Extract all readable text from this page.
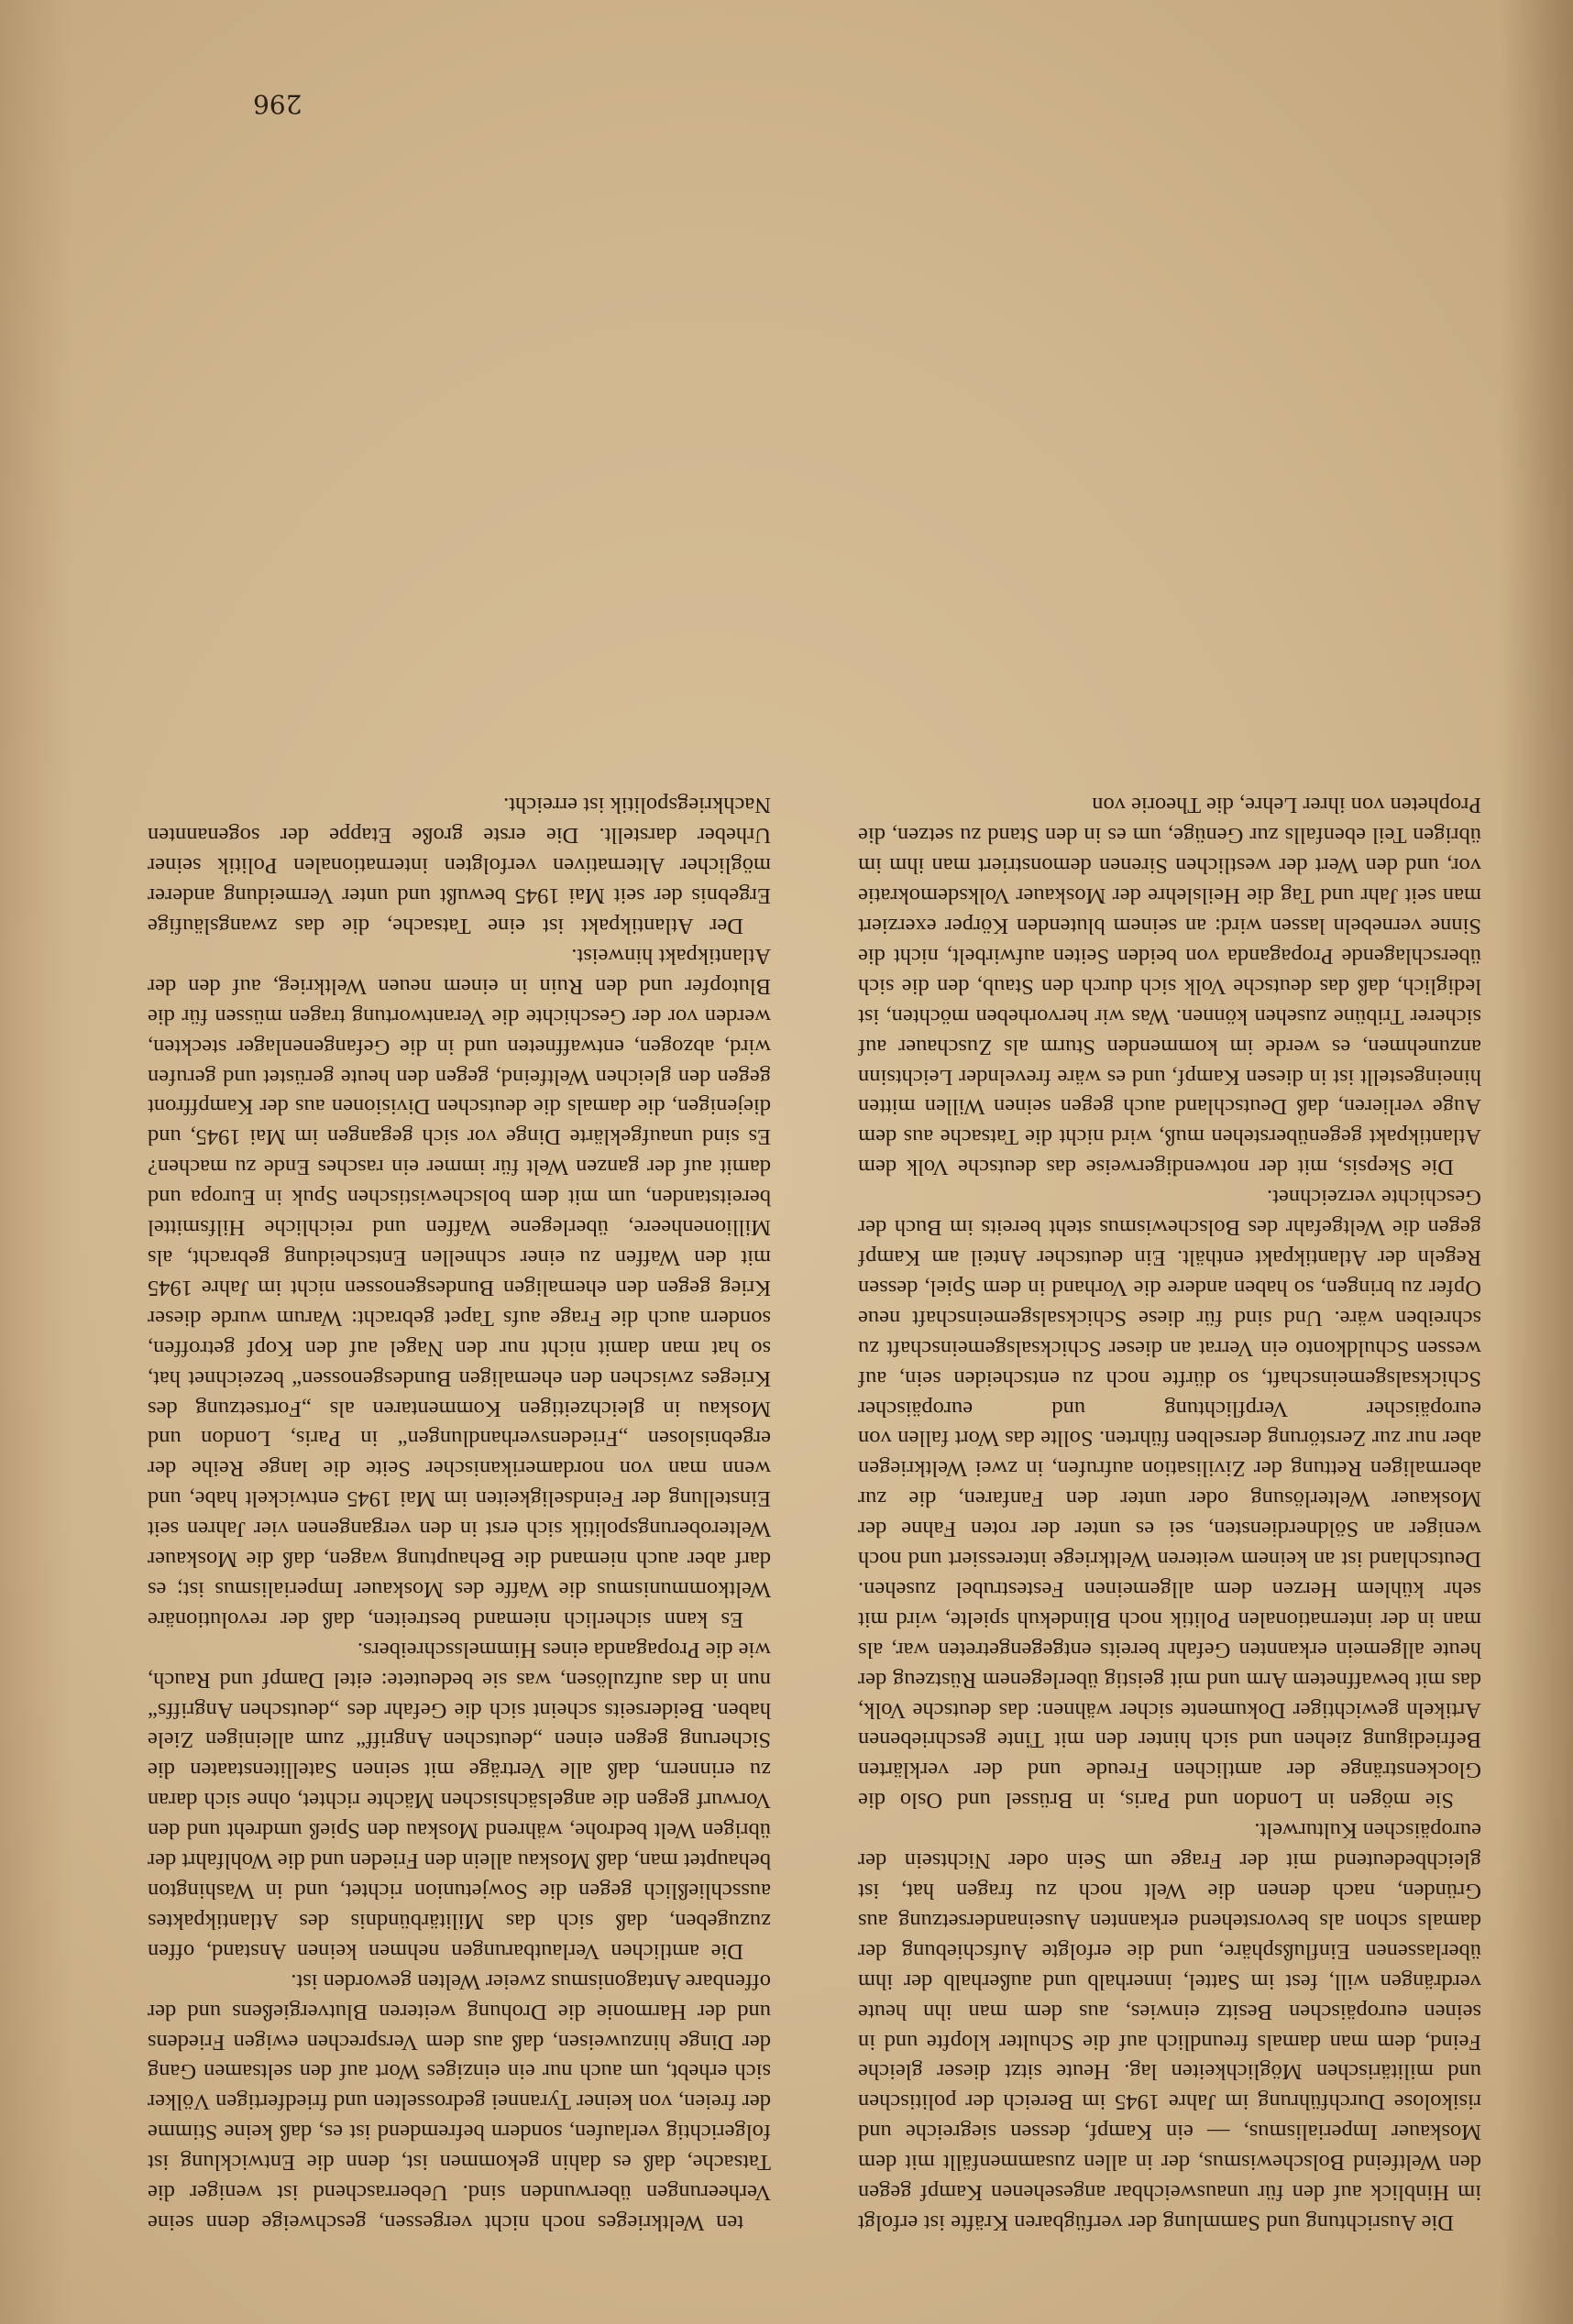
296

ten Weltkrieges noch nicht vergessen, geschweige denn seine Verheerungen überwunden sind. Ueberraschend ist weniger die Tatsache, daß es dahin gekommen ist, denn die Entwicklung ist folgerichtig verlaufen, sondern befremdend ist es, daß keine Stimme der freien, von keiner Tyrannei gedrosselten und friedfertigen Völker sich erhebt, um auch nur ein einziges Wort auf den seltsamen Gang der Dinge hinzuweisen, daß aus dem Versprechen ewigen Friedens und der Harmonie die Drohung weiteren Blutvergießens und der offenbare Antagonismus zweier Welten geworden ist.

Die amtlichen Verlautbarungen nehmen keinen Anstand, offen zuzugeben, daß sich das Militärbündnis des Atlantikpaktes ausschließlich gegen die Sowjetunion richtet, und in Washington behauptet man, daß Moskau allein den Frieden und die Wohlfahrt der übrigen Welt bedrohe, während Moskau den Spieß umdreht und den Vorwurf gegen die angelsächsischen Mächte richtet, ohne sich daran zu erinnern, daß alle Verträge mit seinen Satellitenstaaten die Sicherung gegen einen „deutschen Angriff“ zum alleinigen Ziele haben. Beiderseits scheint sich die Gefahr des „deutschen Angriffs“ nun in das aufzulösen, was sie bedeutete: eitel Dampf und Rauch, wie die Propaganda eines Himmelsschreibers.

Es kann sicherlich niemand bestreiten, daß der revolutionäre Weltkommunismus die Waffe des Moskauer Imperialismus ist; es darf aber auch niemand die Behauptung wagen, daß die Moskauer Welteroberungspolitik sich erst in den vergangenen vier Jahren seit Einstellung der Feindseligkeiten im Mai 1945 entwickelt habe, und wenn man von nordamerikanischer Seite die lange Reihe der ergebnislosen „Friedensverhandlungen“ in Paris, London und Moskau in gleichzeitigen Kommentaren als „Fortsetzung des Krieges zwischen den ehemaligen Bundesgenossen“ bezeichnet hat, so hat man damit nicht nur den Nagel auf den Kopf getroffen, sondern auch die Frage aufs Tapet gebracht: Warum wurde dieser Krieg gegen den ehemaligen Bundesgenossen nicht im Jahre 1945 mit den Waffen zu einer schnellen Entscheidung gebracht, als Millionenheere, überlegene Waffen und reichliche Hilfsmittel bereitstanden, um mit dem bolschewistischen Spuk in Europa und damit auf der ganzen Welt für immer ein rasches Ende zu machen? Es sind unaufgeklärte Dinge vor sich gegangen im Mai 1945, und diejenigen, die damals die deutschen Divisionen aus der Kampffront gegen den gleichen Weltfeind, gegen den heute gerüstet und gerufen wird, abzogen, entwaffneten und in die Gefangenenlager steckten, werden vor der Geschichte die Verantwortung tragen müssen für die Blutopfer und den Ruin in einem neuen Weltkrieg, auf den der Atlantikpakt hinweist.

Der Atlantikpakt ist eine Tatsache, die das zwangsläufige Ergebnis der seit Mai 1945 bewußt und unter Vermeidung anderer möglicher Alternativen verfolgten internationalen Politik seiner Urheber darstellt. Die erste große Etappe der sogenannten Nachkriegspolitik ist erreicht.

Die Ausrichtung und Sammlung der verfügbaren Kräfte ist erfolgt im Hinblick auf den für unausweichbar angesehenen Kampf gegen den Weltfeind Bolschewismus, der in allen zusammenfällt mit dem Moskauer Imperialismus, — ein Kampf, dessen siegreiche und risikolose Durchführung im Jahre 1945 im Bereich der politischen und militärischen Möglichkeiten lag. Heute sitzt dieser gleiche Feind, dem man damals freundlich auf die Schulter klopfte und in seinen europäischen Besitz einwies, aus dem man ihn heute verdrängen will, fest im Sattel, innerhalb und außerhalb der ihm überlassenen Einflußsphäre, und die erfolgte Aufschiebung der damals schon als bevorstehend erkannten Auseinandersetzung aus Gründen, nach denen die Welt noch zu fragen hat, ist gleichbedeutend mit der Frage um Sein oder Nichtsein der europäischen Kulturwelt.

Sie mögen in London und Paris, in Brüssel und Oslo die Glockenstränge der amtlichen Freude und der verklärten Befriedigung ziehen und sich hinter den mit Tinte geschriebenen Artikeln gewichtiger Dokumente sicher wähnen: das deutsche Volk, das mit bewaffnetem Arm und mit geistig überlegenem Rüstzeug der heute allgemein erkannten Gefahr bereits entgegengetreten war, als man in der internationalen Politik noch Blindekuh spielte, wird mit sehr kühlem Herzen dem allgemeinen Festestrubel zusehen. Deutschland ist an keinem weiteren Weltkriege interessiert und noch weniger an Söldnerdiensten, sei es unter der roten Fahne der Moskauer Welterlösung oder unter den Fanfaren, die zur abermaligen Rettung der Zivilisation aufrufen, in zwei Weltkriegen aber nur zur Zerstörung derselben führten. Sollte das Wort fallen von europäischer Verpflichtung und europäischer Schicksalsgemeinschaft, so dürfte noch zu entscheiden sein, auf wessen Schuldkonto ein Verrat an dieser Schicksalsgemeinschaft zu schreiben wäre. Und sind für diese Schicksalsgemeinschaft neue Opfer zu bringen, so haben andere die Vorhand in dem Spiel, dessen Regeln der Atlantikpakt enthält. Ein deutscher Anteil am Kampf gegen die Weltgefahr des Bolschewismus steht bereits im Buch der Geschichte verzeichnet.

Die Skepsis, mit der notwendigerweise das deutsche Volk dem Atlantikpakt gegenüberstehen muß, wird nicht die Tatsache aus dem Auge verlieren, daß Deutschland auch gegen seinen Willen mitten hineingestellt ist in diesen Kampf, und es wäre frevelnder Leichtsinn anzunehmen, es werde im kommenden Sturm als Zuschauer auf sicherer Tribüne zusehen können. Was wir hervorheben möchten, ist lediglich, daß das deutsche Volk sich durch den Staub, den die sich überschlagende Propaganda von beiden Seiten aufwirbelt, nicht die Sinne vernebeln lassen wird: an seinem blutenden Körper exerziert man seit Jahr und Tag die Heilslehre der Moskauer Volksdemokratie vor, und den Wert der westlichen Sirenen demonstriert man ihm im übrigen Teil ebenfalls zur Genüge, um es in den Stand zu setzen, die Propheten von ihrer Lehre, die Theorie von
